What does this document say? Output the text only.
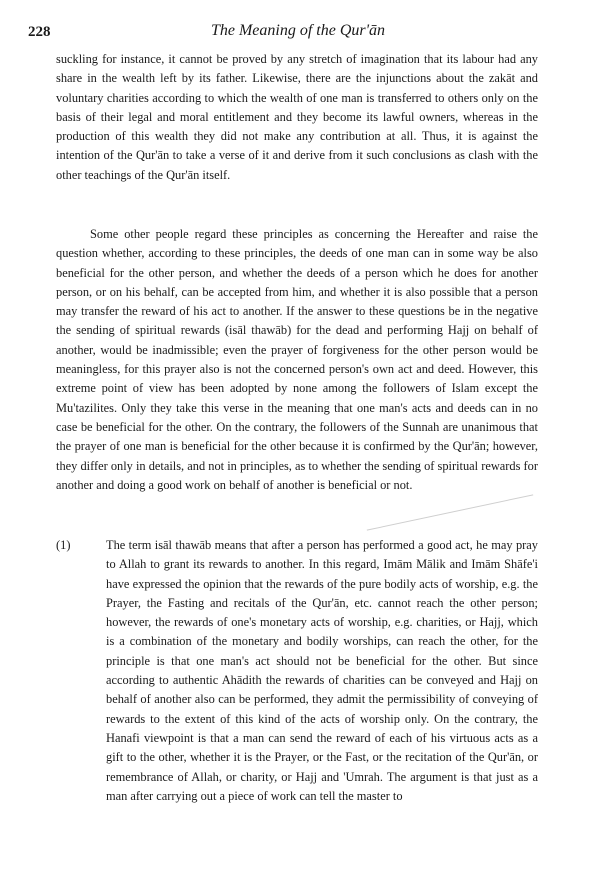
228	The Meaning of the Qur'ān

suckling for instance, it cannot be proved by any stretch of imagination that its labour had any share in the wealth left by its father. Likewise, there are the injunctions about the zakāt and voluntary charities according to which the wealth of one man is transferred to others only on the basis of their legal and moral entitlement and they become its lawful owners, whereas in the production of this wealth they did not make any contribution at all. Thus, it is against the intention of the Qur'ān to take a verse of it and derive from it such conclusions as clash with the other teachings of the Qur'ān itself.

Some other people regard these principles as concerning the Hereafter and raise the question whether, according to these principles, the deeds of one man can in some way be also beneficial for the other person, and whether the deeds of a person which he does for another person, or on his behalf, can be accepted from him, and whether it is also possible that a person may transfer the reward of his act to another. If the answer to these questions be in the negative the sending of spiritual rewards (isāl thawāb) for the dead and performing Hajj on behalf of another, would be inadmissible; even the prayer of forgiveness for the other person would be meaningless, for this prayer also is not the concerned person's own act and deed. However, this extreme point of view has been adopted by none among the followers of Islam except the Mu'tazilites. Only they take this verse in the meaning that one man's acts and deeds can in no case be beneficial for the other. On the contrary, the followers of the Sunnah are unanimous that the prayer of one man is beneficial for the other because it is confirmed by the Qur'ān; however, they differ only in details, and not in principles, as to whether the sending of spiritual rewards for another and doing a good work on behalf of another is beneficial or not.

(1)	The term isāl thawāb means that after a person has performed a good act, he may pray to Allah to grant its rewards to another. In this regard, Imām Mālik and Imām Shāfe'i have expressed the opinion that the rewards of the pure bodily acts of worship, e.g. the Prayer, the Fasting and recitals of the Qur'ān, etc. cannot reach the other person; however, the rewards of one's monetary acts of worship, e.g. charities, or Hajj, which is a combination of the monetary and bodily worships, can reach the other, for the principle is that one man's act should not be beneficial for the other. But since according to authentic Ahādith the rewards of charities can be conveyed and Hajj on behalf of another also can be performed, they admit the permissibility of conveying of rewards to the extent of this kind of the acts of worship only. On the contrary, the Hanafi viewpoint is that a man can send the reward of each of his virtuous acts as a gift to the other, whether it is the Prayer, or the Fast, or the recitation of the Qur'ān, or remembrance of Allah, or charity, or Hajj and 'Umrah. The argument is that just as a man after carrying out a piece of work can tell the master to
